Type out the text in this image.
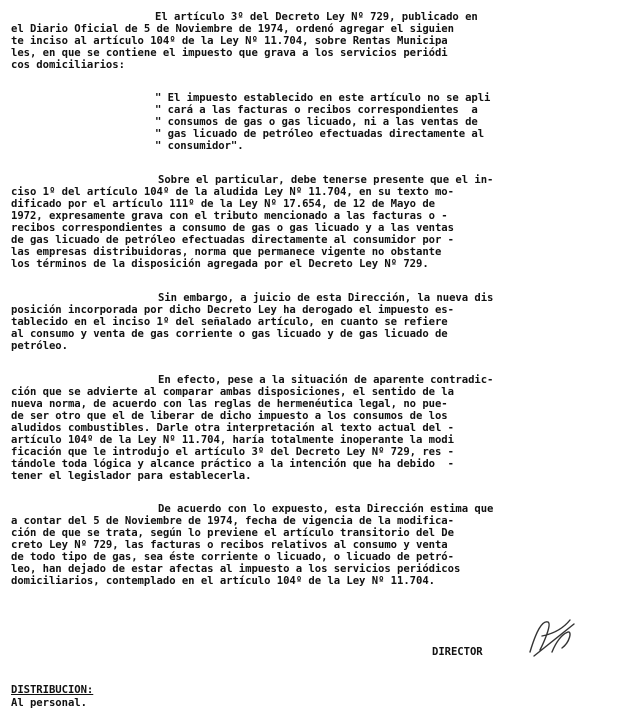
El artículo 3º del Decreto Ley Nº 729, publicado en
el Diario Oficial de 5 de Noviembre de 1974, ordenó agregar el siguien
te inciso al artículo 104º de la Ley Nº 11.704, sobre Rentas Municipa
les, en que se contiene el impuesto que grava a los servicios periódi
cos domiciliarios:
" El impuesto establecido en este artículo no se apli
" cará a las facturas o recibos correspondientes  a
" consumos de gas o gas licuado, ni a las ventas de
" gas licuado de petróleo efectuadas directamente al
" consumidor".
Sobre el particular, debe tenerse presente que el in-
ciso 1º del artículo 104º de la aludida Ley Nº 11.704, en su texto mo-
dificado por el artículo 111º de la Ley Nº 17.654, de 12 de Mayo de
1972, expresamente grava con el tributo mencionado a las facturas o -
recibos correspondientes a consumo de gas o gas licuado y a las ventas
de gas licuado de petróleo efectuadas directamente al consumidor por -
las empresas distribuidoras, norma que permanece vigente no obstante
los términos de la disposición agregada por el Decreto Ley Nº 729.
Sin embargo, a juicio de esta Dirección, la nueva dis
posición incorporada por dicho Decreto Ley ha derogado el impuesto es-
tablecido en el inciso 1º del señalado artículo, en cuanto se refiere
al consumo y venta de gas corriente o gas licuado y de gas licuado de
petróleo.
En efecto, pese a la situación de aparente contradic-
ción que se advierte al comparar ambas disposiciones, el sentido de la
nueva norma, de acuerdo con las reglas de hermenéutica legal, no pue-
de ser otro que el de liberar de dicho impuesto a los consumos de los
aludidos combustibles. Darle otra interpretación al texto actual del -
artículo 104º de la Ley Nº 11.704, haría totalmente inoperante la modi
ficación que le introdujo el artículo 3º del Decreto Ley Nº 729, res -
tándole toda lógica y alcance práctico a la intención que ha debido  -
tener el legislador para establecerla.
De acuerdo con lo expuesto, esta Dirección estima que
a contar del 5 de Noviembre de 1974, fecha de vigencia de la modifica-
ción de que se trata, según lo previene el artículo transitorio del De
creto Ley Nº 729, las facturas o recibos relativos al consumo y venta
de todo tipo de gas, sea éste corriente o licuado, o licuado de petró-
leo, han dejado de estar afectas al impuesto a los servicios periódicos
domiciliarios, contemplado en el artículo 104º de la Ley Nº 11.704.
DIRECTOR
DISTRIBUCION:
Al personal.
